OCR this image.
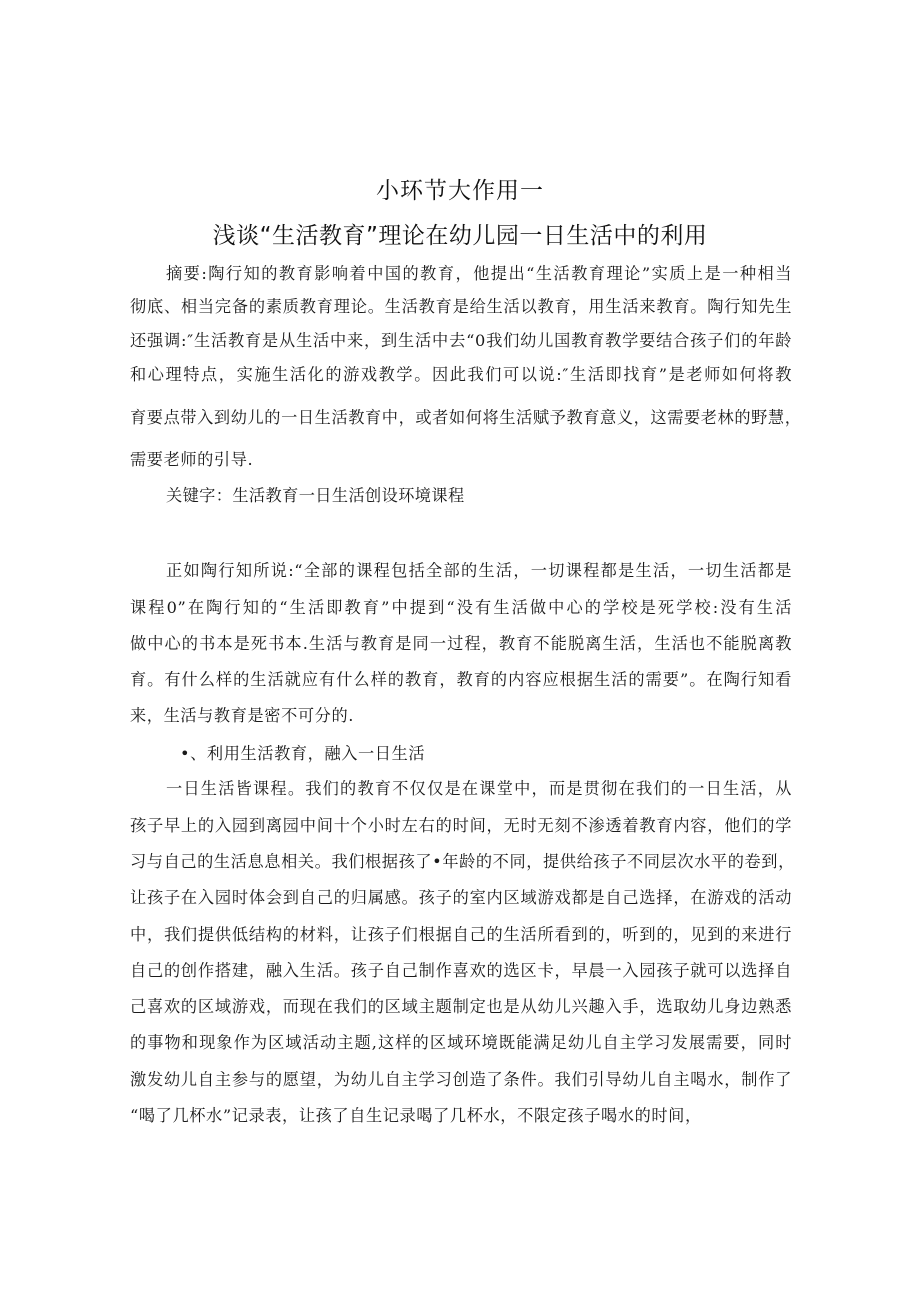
小环节大作用一
浅谈“生活教育”理论在幼儿园一日生活中的利用
摘要:陶行知的教育影响着中国的教育，他提出“生活教育理论”实质上是一种相当
彻底、相当完备的素质教育理论。生活教育是给生活以教育，用生活来教育。陶行知先生
还强调:″生活教育是从生活中来，到生活中去“0我们幼儿国教育教学要结合孩子们的年龄
和心理特点，实施生活化的游戏教学。因此我们可以说:″生活即找育”是老师如何将教
育要点带入到幼儿的一日生活教育中，或者如何将生活赋予教育意义，这需要老林的野慧，
需要老师的引导.
关键字：生活教育一日生活创设环境课程
正如陶行知所说:“全部的课程包括全部的生活，一切课程都是生活，一切生活都是
课程0”在陶行知的“生活即教育”中提到“没有生活做中心的学校是死学校:没有生活
做中心的书本是死书本.生活与教育是同一过程，教育不能脱离生活，生活也不能脱离教
育。有什么样的生活就应有什么样的教育，教育的内容应根据生活的需要”。在陶行知看
来，生活与教育是密不可分的.
•、利用生活教育，融入一日生活
一日生活皆课程。我们的教育不仅仅是在课堂中，而是贯彻在我们的一日生活，从
孩子早上的入园到离园中间十个小时左右的时间，无时无刻不渗透着教育内容，他们的学
习与自己的生活息息相关。我们根据孩了•年龄的不同，提供给孩子不同层次水平的卷到，
让孩子在入园时体会到自己的归属感。孩子的室内区域游戏都是自己选择，在游戏的活动
中，我们提供低结构的材料，让孩子们根据自己的生活所看到的，听到的，见到的来进行
自己的创作搭建，融入生活。孩子自己制作喜欢的选区卡，早晨一入园孩子就可以选择自
己喜欢的区域游戏，而现在我们的区域主题制定也是从幼儿兴趣入手，选取幼儿身边熟悉
的事物和现象作为区域活动主题,这样的区域环境既能满足幼儿自主学习发展需要，同时
激发幼儿自主参与的愿望，为幼儿自主学习创造了条件。我们引导幼儿自主喝水，制作了
“喝了几杯水”记录表，让孩了自生记录喝了几杯水，不限定孩子喝水的时间，
